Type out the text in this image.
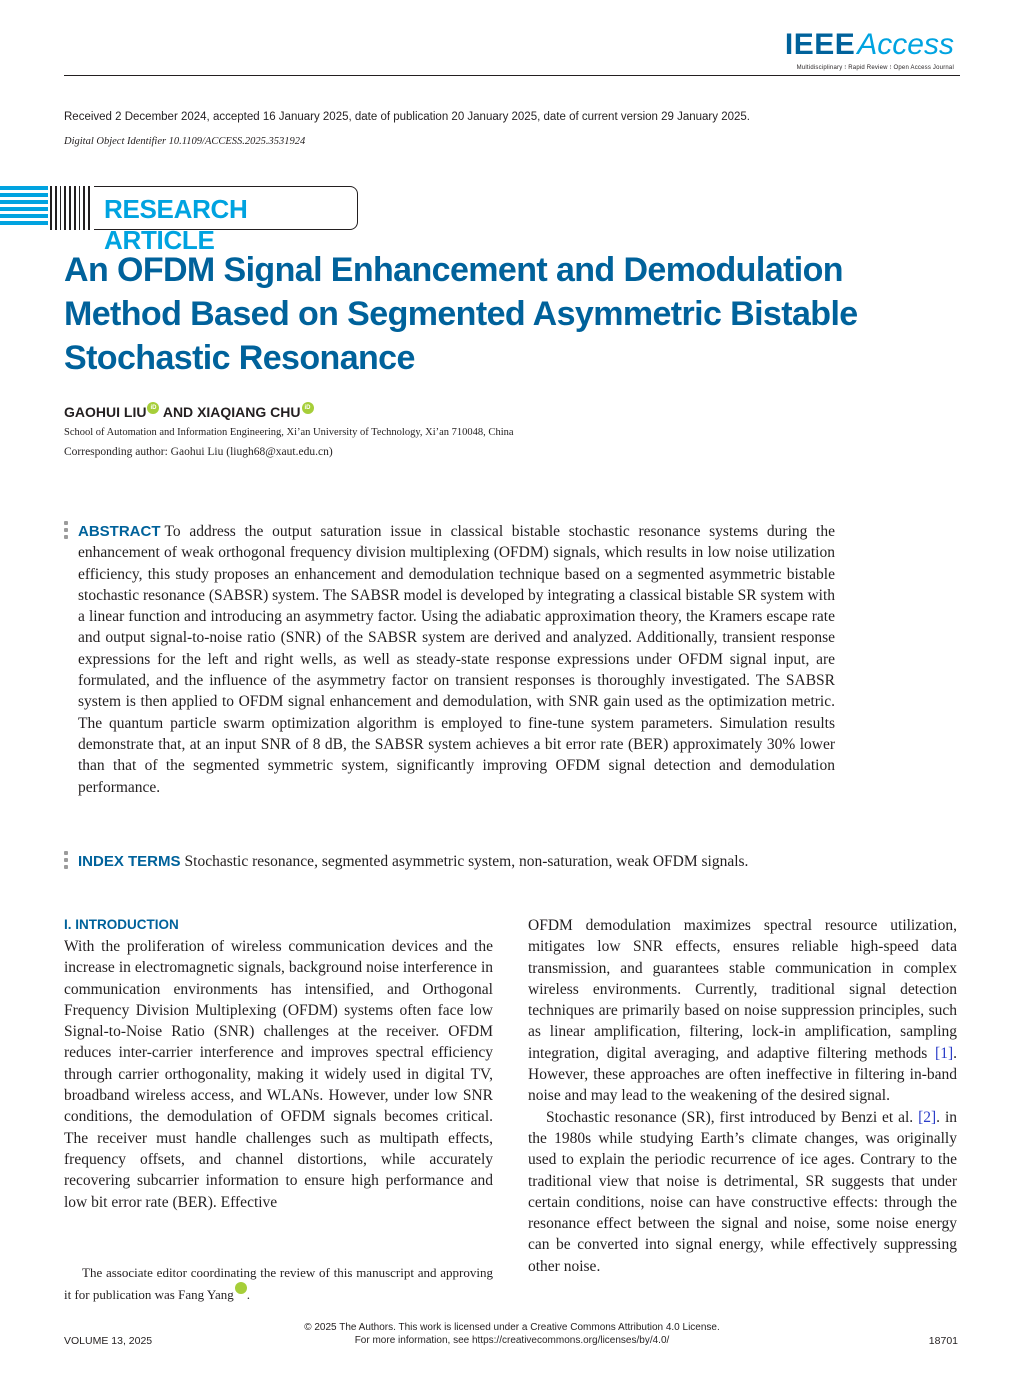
IEEEAccess
Multidisciplinary ⁝ Rapid Review ⁝ Open Access Journal
Received 2 December 2024, accepted 16 January 2025, date of publication 20 January 2025, date of current version 29 January 2025.
Digital Object Identifier 10.1109/ACCESS.2025.3531924
RESEARCH ARTICLE
An OFDM Signal Enhancement and Demodulation Method Based on Segmented Asymmetric Bistable Stochastic Resonance
GAOHUI LIU iD AND XIAQIANG CHU iD
School of Automation and Information Engineering, Xi’an University of Technology, Xi’an 710048, China
Corresponding author: Gaohui Liu (liugh68@xaut.edu.cn)
ABSTRACT To address the output saturation issue in classical bistable stochastic resonance systems during the enhancement of weak orthogonal frequency division multiplexing (OFDM) signals, which results in low noise utilization efficiency, this study proposes an enhancement and demodulation technique based on a segmented asymmetric bistable stochastic resonance (SABSR) system. The SABSR model is developed by integrating a classical bistable SR system with a linear function and introducing an asymmetry factor. Using the adiabatic approximation theory, the Kramers escape rate and output signal-to-noise ratio (SNR) of the SABSR system are derived and analyzed. Additionally, transient response expressions for the left and right wells, as well as steady-state response expressions under OFDM signal input, are formulated, and the influence of the asymmetry factor on transient responses is thoroughly investigated. The SABSR system is then applied to OFDM signal enhancement and demodulation, with SNR gain used as the optimization metric. The quantum particle swarm optimization algorithm is employed to fine-tune system parameters. Simulation results demonstrate that, at an input SNR of 8 dB, the SABSR system achieves a bit error rate (BER) approximately 30% lower than that of the segmented symmetric system, significantly improving OFDM signal detection and demodulation performance.
INDEX TERMS Stochastic resonance, segmented asymmetric system, non-saturation, weak OFDM signals.
I. INTRODUCTION

With the proliferation of wireless communication devices and the increase in electromagnetic signals, background noise interference in communication environments has intensified, and Orthogonal Frequency Division Multiplexing (OFDM) systems often face low Signal-to-Noise Ratio (SNR) challenges at the receiver. OFDM reduces inter-carrier interference and improves spectral efficiency through carrier orthogonality, making it widely used in digital TV, broadband wireless access, and WLANs. However, under low SNR conditions, the demodulation of OFDM signals becomes critical. The receiver must handle challenges such as multipath effects, frequency offsets, and channel distortions, while accurately recovering subcarrier information to ensure high performance and low bit error rate (BER). Effective

OFDM demodulation maximizes spectral resource utilization, mitigates low SNR effects, ensures reliable high-speed data transmission, and guarantees stable communication in complex wireless environments. Currently, traditional signal detection techniques are primarily based on noise suppression principles, such as linear amplification, filtering, lock-in amplification, sampling integration, digital averaging, and adaptive filtering methods [1]. However, these approaches are often ineffective in filtering in-band noise and may lead to the weakening of the desired signal.

Stochastic resonance (SR), first introduced by Benzi et al. [2]. in the 1980s while studying Earth’s climate changes, was originally used to explain the periodic recurrence of ice ages. Contrary to the traditional view that noise is detrimental, SR suggests that under certain conditions, noise can have constructive effects: through the resonance effect between the signal and noise, some noise energy can be converted into signal energy, while effectively suppressing other noise.

The associate editor coordinating the review of this manuscript and approving it for publication was Fang Yang	iD.

© 2025 The Authors. This work is licensed under a Creative Commons Attribution 4.0 License.
For more information, see https://creativecommons.org/licenses/by/4.0/
VOLUME 13, 2025	18701
